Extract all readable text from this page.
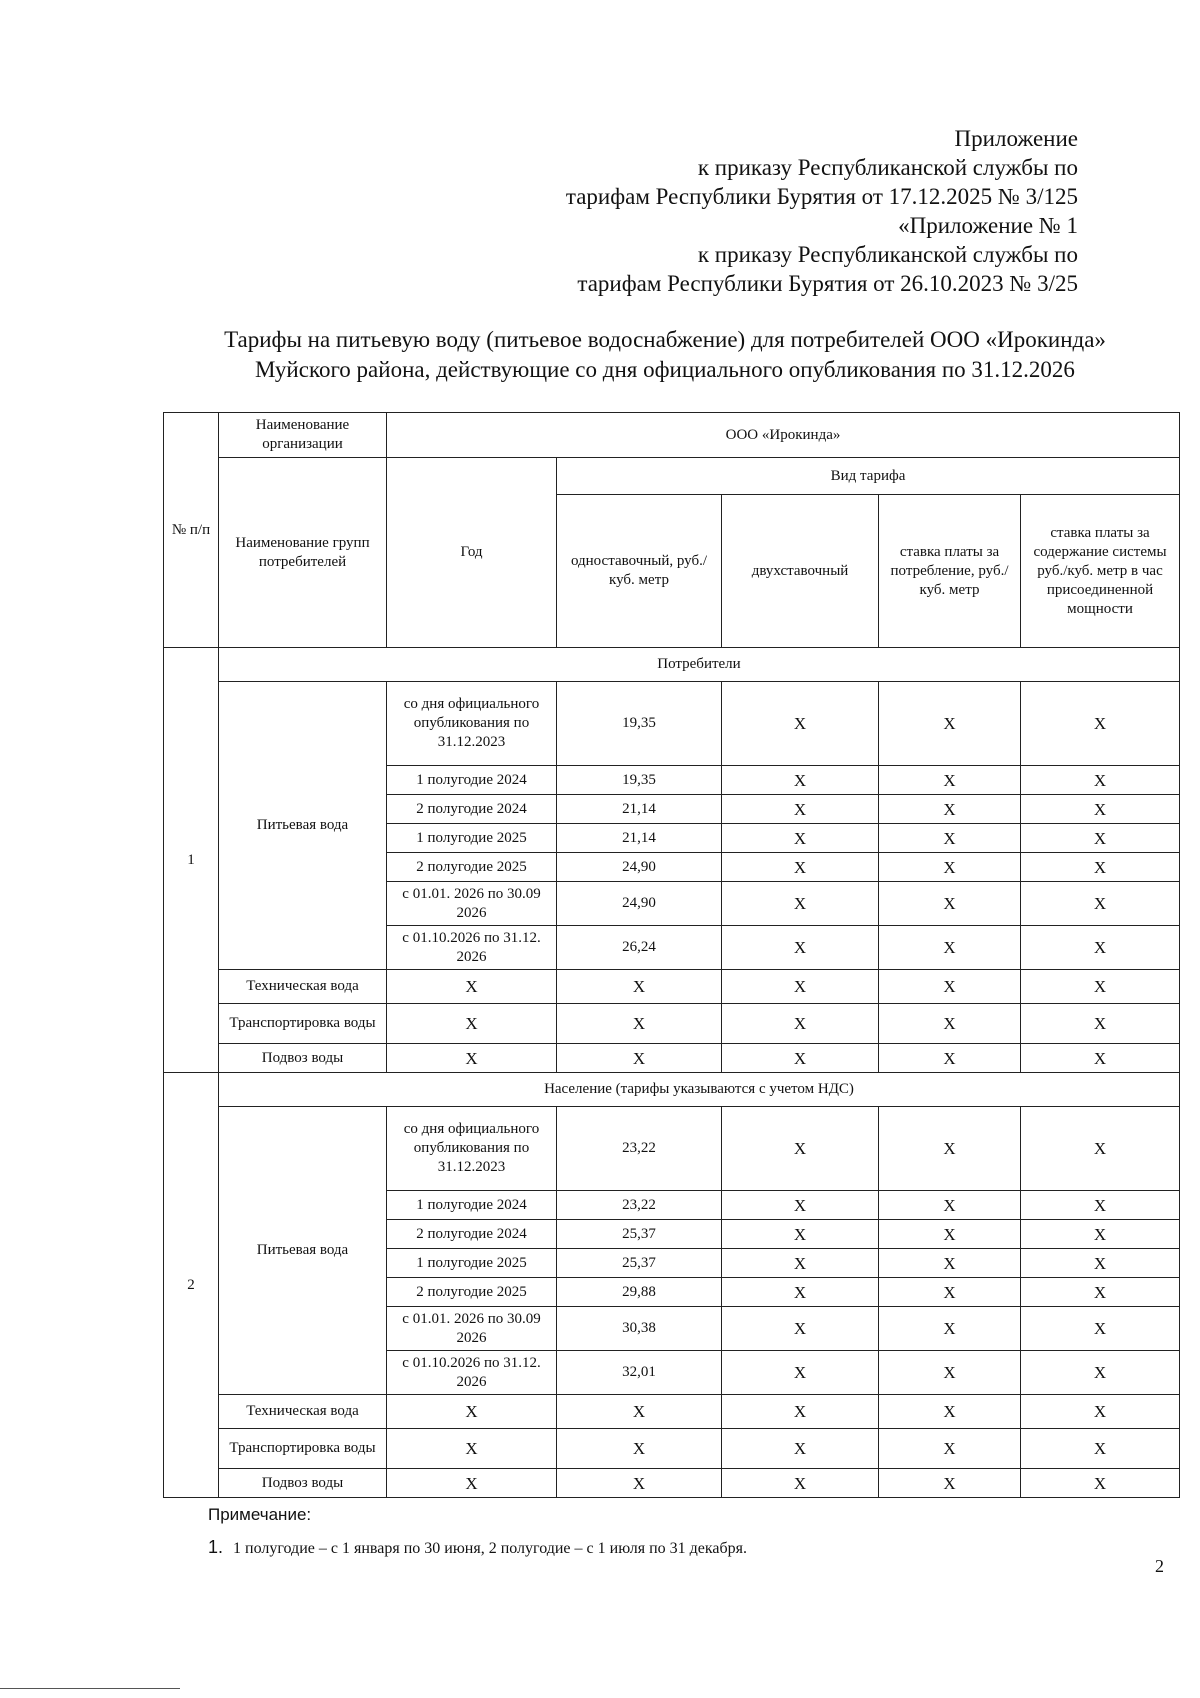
Приложение
к приказу Республиканской службы по
тарифам Республики Бурятия от 17.12.2025 № 3/125
«Приложение № 1
к приказу Республиканской службы по
тарифам Республики Бурятия от 26.10.2023 № 3/25
Тарифы на питьевую воду (питьевое водоснабжение) для потребителей ООО «Ирокинда»
Муйского района, действующие со дня официального опубликования по 31.12.2026
№ п/п	Наименование организации	ООО «Ирокинда»				
	Наименование групп потребителей	Год	Вид тарифа			
			одноставочный, руб./ куб. метр	двухставочный	ставка платы за потребление, руб./ куб. метр	ставка платы за содержание системы руб./куб. метр в час присоединенной мощности
1	Потребители					
	Питьевая вода	со дня официального опубликования по 31.12.2023	19,35	X	X	X
		1 полугодие 2024	19,35	X	X	X
		2 полугодие 2024	21,14	X	X	X
		1 полугодие 2025	21,14	X	X	X
		2 полугодие 2025	24,90	X	X	X
		с 01.01. 2026 по 30.09 2026	24,90	X	X	X
		с 01.10.2026 по 31.12. 2026	26,24	X	X	X
	Техническая вода	X	X	X	X	X
	Транспортировка воды	X	X	X	X	X
	Подвоз воды	X	X	X	X	X
2	Население (тарифы указываются с учетом НДС)					
	Питьевая вода	со дня официального опубликования по 31.12.2023	23,22	X	X	X
		1 полугодие 2024	23,22	X	X	X
		2 полугодие 2024	25,37	X	X	X
		1 полугодие 2025	25,37	X	X	X
		2 полугодие 2025	29,88	X	X	X
		с 01.01. 2026 по 30.09 2026	30,38	X	X	X
		с 01.10.2026 по 31.12. 2026	32,01	X	X	X
	Техническая вода	X	X	X	X	X
	Транспортировка воды	X	X	X	X	X
	Подвоз воды	X	X	X	X	X
Примечание:
1. 1 полугодие – с 1 января по 30 июня, 2 полугодие – с 1 июля по 31 декабря.
2
